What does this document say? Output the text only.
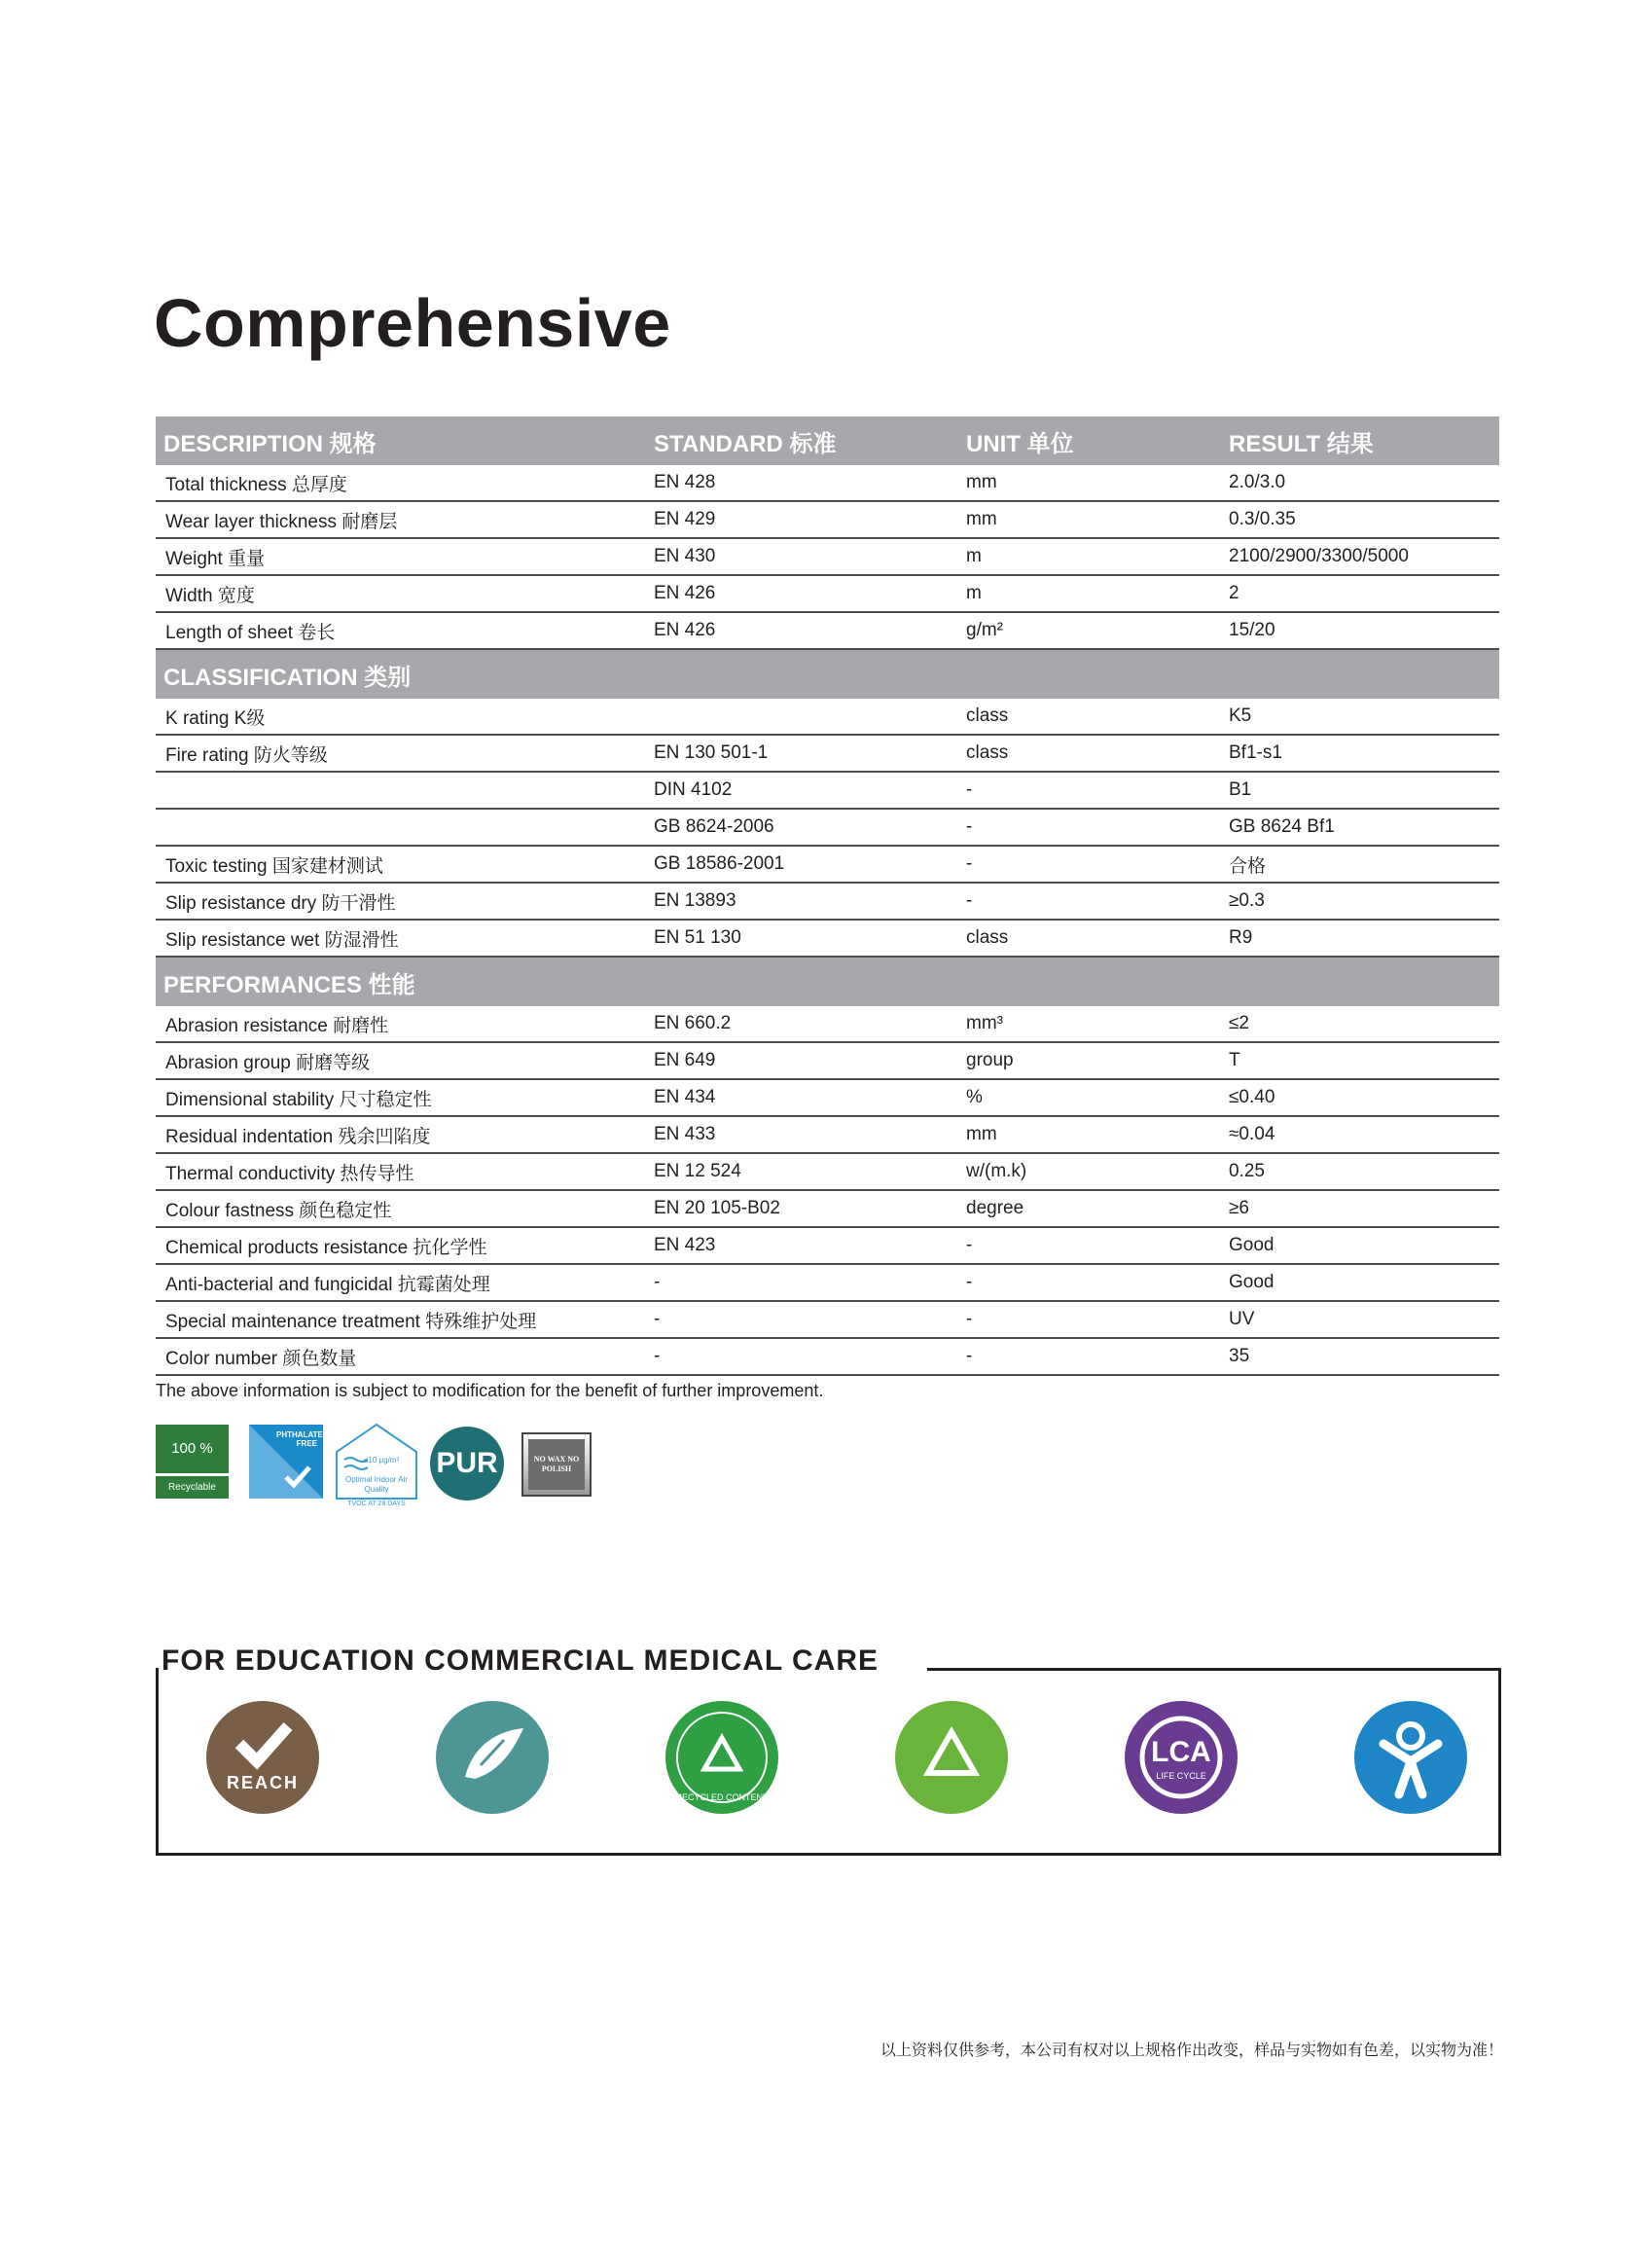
Comprehensive
DESCRIPTION 规格	STANDARD 标准	UNIT 单位	RESULT 结果
Total thickness 总厚度	EN 428	mm	2.0/3.0
Wear layer thickness 耐磨层	EN 429	mm	0.3/0.35
Weight 重量	EN 430	m	2100/2900/3300/5000
Width 宽度	EN 426	m	2
Length of sheet 卷长	EN 426	g/m²	15/20
CLASSIFICATION 类别			
K rating K级		class	K5
Fire rating 防火等级	EN 130 501-1	class	Bf1-s1
	DIN 4102	-	B1
	GB 8624-2006	-	GB 8624 Bf1
Toxic testing 国家建材测试	GB 18586-2001	-	合格
Slip resistance dry 防干滑性	EN 13893	-	≥0.3
Slip resistance wet 防湿滑性	EN 51 130	class	R9
PERFORMANCES 性能			
Abrasion resistance 耐磨性	EN 660.2	mm³	≤2
Abrasion group 耐磨等级	EN 649	group	T
Dimensional stability 尺寸稳定性	EN 434	%	≤0.40
Residual indentation 残余凹陷度	EN 433	mm	≈0.04
Thermal conductivity 热传导性	EN 12 524	w/(m.k)	0.25
Colour fastness 颜色稳定性	EN 20 105-B02	degree	≥6
Chemical products resistance 抗化学性	EN 423	-	Good
Anti-bacterial and fungicidal 抗霉菌处理	-	-	Good
Special maintenance treatment 特殊维护处理	-	-	UV
Color number 颜色数量	-	-	35

The above information is subject to modification for the benefit of further improvement.

100 %
Recyclable
PHTHALATE FREE
≤10 μg/m³
Optimal Indoor Air Quality
TVOC AT 28 DAYS
PUR	NO WAX NO POLISH
FOR EDUCATION COMMERCIAL MEDICAL CARE
REACH
RECYCLED CONTENT
LCA
LIFE CYCLE

以上资料仅供参考，本公司有权对以上规格作出改变，样品与实物如有色差，以实物为准！
